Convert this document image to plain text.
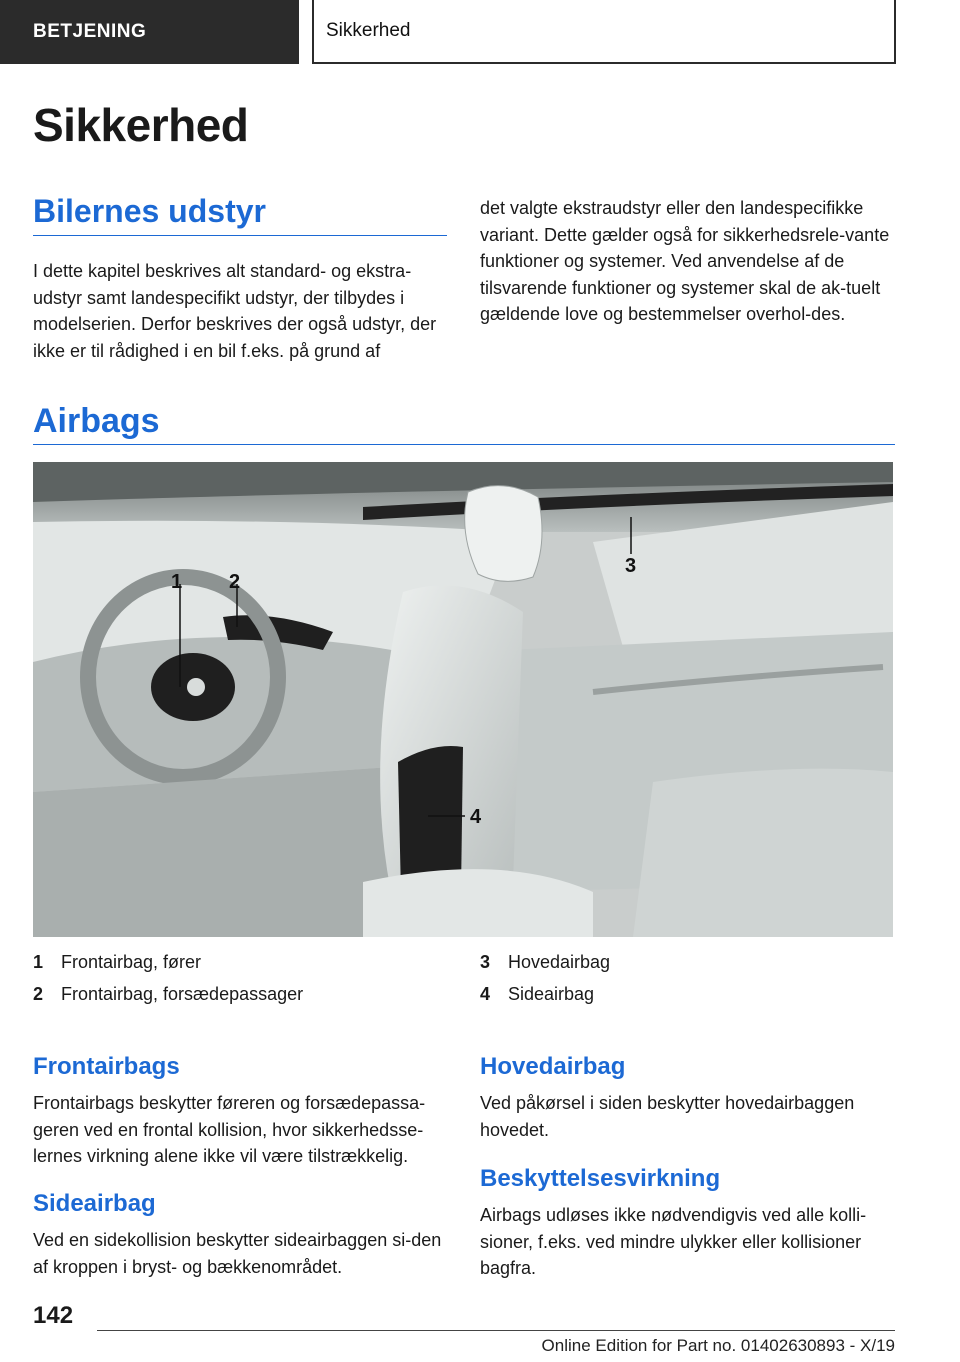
BETJENING	Sikkerhed
Sikkerhed
Bilernes udstyr

I dette kapitel beskrives alt standard- og ekstra-udstyr samt landespecifikt udstyr, der tilbydes i modelserien. Derfor beskrives der også udstyr, der ikke er til rådighed i en bil f.eks. på grund af

det valgte ekstraudstyr eller den landespecifikke variant. Dette gælder også for sikkerhedsrele-vante funktioner og systemer. Ved anvendelse af de tilsvarende funktioner og systemer skal de ak-tuelt gældende love og bestemmelser overhol-des.

Airbags
1 2
3
4
1 Frontairbag, fører
2 Frontairbag, forsædepassager
3 Hovedairbag
4 Sideairbag
Frontairbags

Frontairbags beskytter føreren og forsædepassa-geren ved en frontal kollision, hvor sikkerhedsse-lernes virkning alene ikke vil være tilstrækkelig.

Sideairbag

Ved en sidekollision beskytter sideairbaggen si-den af kroppen i bryst- og bækkenområdet.

Hovedairbag

Ved påkørsel i siden beskytter hovedairbaggen hovedet.

Beskyttelsesvirkning

Airbags udløses ikke nødvendigvis ved alle kolli-sioner, f.eks. ved mindre ulykker eller kollisioner bagfra.

142
Online Edition for Part no. 01402630893 - X/19
